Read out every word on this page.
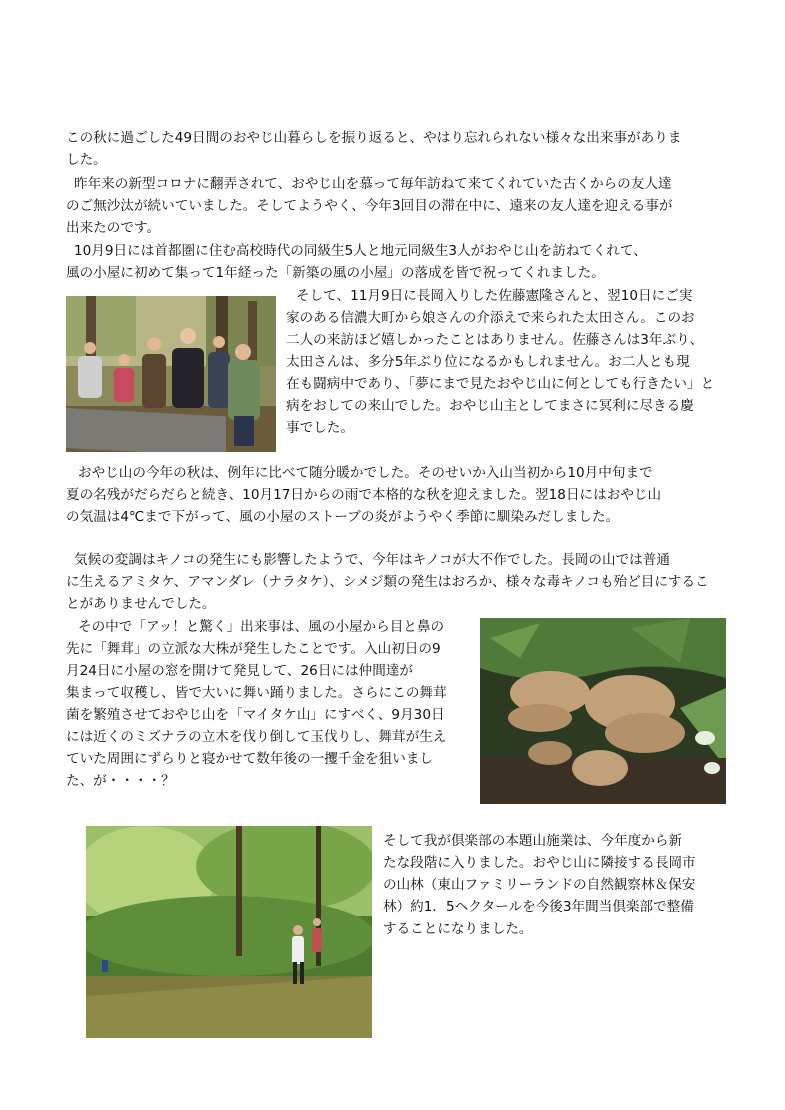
この秋に過ごした49日間のおやじ山暮らしを振り返ると、やはり忘れられない様々な出来事がありま
した。
昨年来の新型コロナに翻弄されて、おやじ山を慕って毎年訪ねて来てくれていた古くからの友人達
のご無沙汰が続いていました。そしてようやく、今年3回目の滞在中に、遠来の友人達を迎える事が
出来たのです。
10月9日には首都圏に住む高校時代の同級生5人と地元同級生3人がおやじ山を訪ねてくれて、
風の小屋に初めて集って1年経った「新築の風の小屋」の落成を皆で祝ってくれました。
そして、11月9日に長岡入りした佐藤憲隆さんと、翌10日にご実
家のある信濃大町から娘さんの介添えで来られた太田さん。このお
二人の来訪ほど嬉しかったことはありません。佐藤さんは3年ぶり、
太田さんは、多分5年ぶり位になるかもしれません。お二人とも現
在も闘病中であり、「夢にまで見たおやじ山に何としても行きたい」と
病をおしての来山でした。おやじ山主としてまさに冥利に尽きる慶
事でした。
おやじ山の今年の秋は、例年に比べて随分暖かでした。そのせいか入山当初から10月中旬まで
夏の名残がだらだらと続き、10月17日からの雨で本格的な秋を迎えました。翌18日にはおやじ山
の気温は4℃まで下がって、風の小屋のストーブの炎がようやく季節に馴染みだしました。
気候の変調はキノコの発生にも影響したようで、今年はキノコが大不作でした。長岡の山では普通
に生えるアミタケ、アマンダレ（ナラタケ）、シメジ類の発生はおろか、様々な毒キノコも殆ど目にするこ
とがありませんでした。
その中で「アッ！と驚く」出来事は、風の小屋から目と鼻の
先に「舞茸」の立派な大株が発生したことです。入山初日の9
月24日に小屋の窓を開けて発見して、26日には仲間達が
集まって収穫し、皆で大いに舞い踊りました。さらにこの舞茸
菌を繁殖させておやじ山を「マイタケ山」にすべく、9月30日
には近くのミズナラの立木を伐り倒して玉伐りし、舞茸が生え
ていた周囲にずらりと寝かせて数年後の一攫千金を狙いまし
た、が・・・・？
そして我が倶楽部の本題山施業は、今年度から新
たな段階に入りました。おやじ山に隣接する長岡市
の山林（東山ファミリーランドの自然観察林＆保安
林）約1．5ヘクタールを今後3年間当倶楽部で整備
することになりました。
